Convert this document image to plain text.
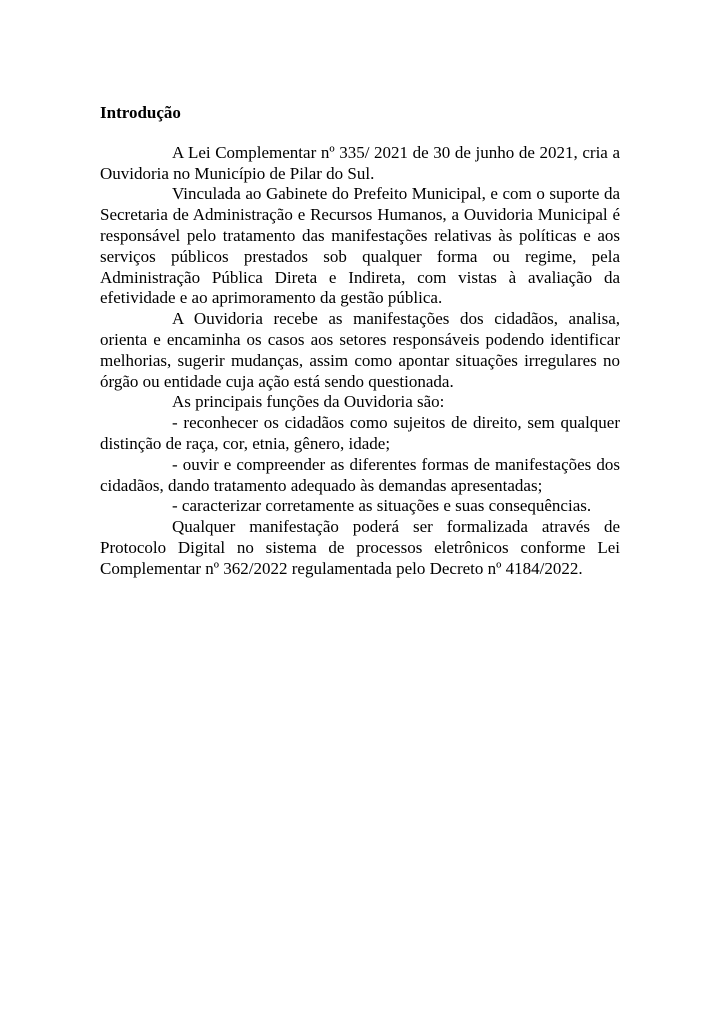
Introdução

A Lei Complementar nº 335/ 2021 de 30 de junho de 2021, cria a Ouvidoria no Município de Pilar do Sul.

Vinculada ao Gabinete do Prefeito Municipal, e com o suporte da Secretaria de Administração e Recursos Humanos, a Ouvidoria Municipal é responsável pelo tratamento das manifestações relativas às políticas e aos serviços públicos prestados sob qualquer forma ou regime, pela Administração Pública Direta e Indireta, com vistas à avaliação da efetividade e ao aprimoramento da gestão pública.

A Ouvidoria recebe as manifestações dos cidadãos, analisa, orienta e encaminha os casos aos setores responsáveis podendo identificar melhorias, sugerir mudanças, assim como apontar situações irregulares no órgão ou entidade cuja ação está sendo questionada.

As principais funções da Ouvidoria são:

- reconhecer os cidadãos como sujeitos de direito, sem qualquer distinção de raça, cor, etnia, gênero, idade;

- ouvir e compreender as diferentes formas de manifestações dos cidadãos, dando tratamento adequado às demandas apresentadas;

- caracterizar corretamente as situações e suas consequências.

Qualquer manifestação poderá ser formalizada através de Protocolo Digital no sistema de processos eletrônicos conforme Lei Complementar nº 362/2022 regulamentada pelo Decreto nº 4184/2022.
